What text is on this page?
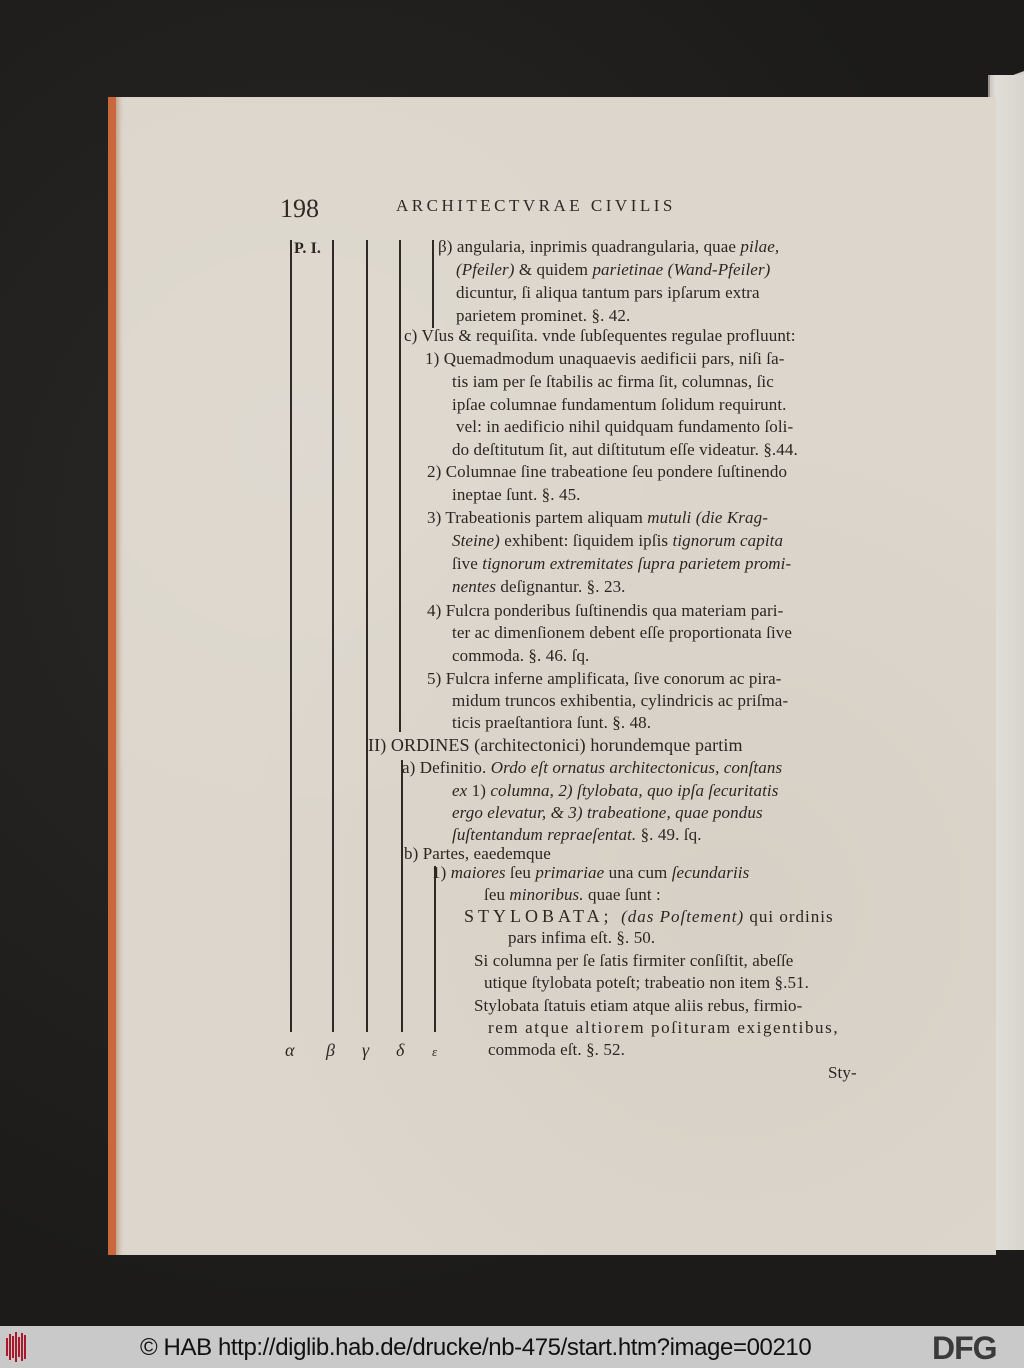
198	ARCHITECTVRAE CIVILIS
P. I.
α β γ δ ε
β) angularia, inprimis quadrangularia, quae pilae,
(Pfeiler) & quidem parietinae (Wand-Pfeiler)
dicuntur, ſi aliqua tantum pars ipſarum extra
parietem prominet. §. 42.
c) Vſus & requiſita. vnde ſubſequentes regulae profluunt:
1) Quemadmodum unaquaevis aedificii pars, niſi ſa-
tis iam per ſe ſtabilis ac firma ſit, columnas, ſic
ipſae columnae fundamentum ſolidum requirunt.
vel: in aedificio nihil quidquam fundamento ſoli-
do deſtitutum ſit, aut diſtitutum eſſe videatur. §.44.
2) Columnae ſine trabeatione ſeu pondere ſuſtinendo
ineptae ſunt. §. 45.
3) Trabeationis partem aliquam mutuli (die Krag-
Steine) exhibent: ſiquidem ipſis tignorum capita
ſive tignorum extremitates ſupra parietem promi-
nentes deſignantur. §. 23.
4) Fulcra ponderibus ſuſtinendis qua materiam pari-
ter ac dimenſionem debent eſſe proportionata ſive
commoda. §. 46. ſq.
5) Fulcra inferne amplificata, ſive conorum ac pira-
midum truncos exhibentia, cylindricis ac priſma-
ticis praeſtantiora ſunt. §. 48.
II) ORDINES (architectonici) horundemque partim
a) Definitio. Ordo eſt ornatus architectonicus, conſtans
ex 1) columna, 2) ſtylobata, quo ipſa ſecuritatis
ergo elevatur, & 3) trabeatione, quae pondus
ſuſtentandum repraeſentat. §. 49. ſq.
b) Partes, eaedemque
1) maiores ſeu primariae una cum ſecundariis
ſeu minoribus. quae ſunt :
STYLOBATA; (das Poſtement) qui ordinis
pars infima eſt. §. 50.
Si columna per ſe ſatis firmiter conſiſtit, abeſſe
utique ſtylobata poteſt; trabeatio non item §.51.
Stylobata ſtatuis etiam atque aliis rebus, firmio-
rem atque altiorem poſituram exigentibus,
commoda eſt. §. 52.
Sty-
© HAB http://diglib.hab.de/drucke/nb-475/start.htm?image=00210	DFG
